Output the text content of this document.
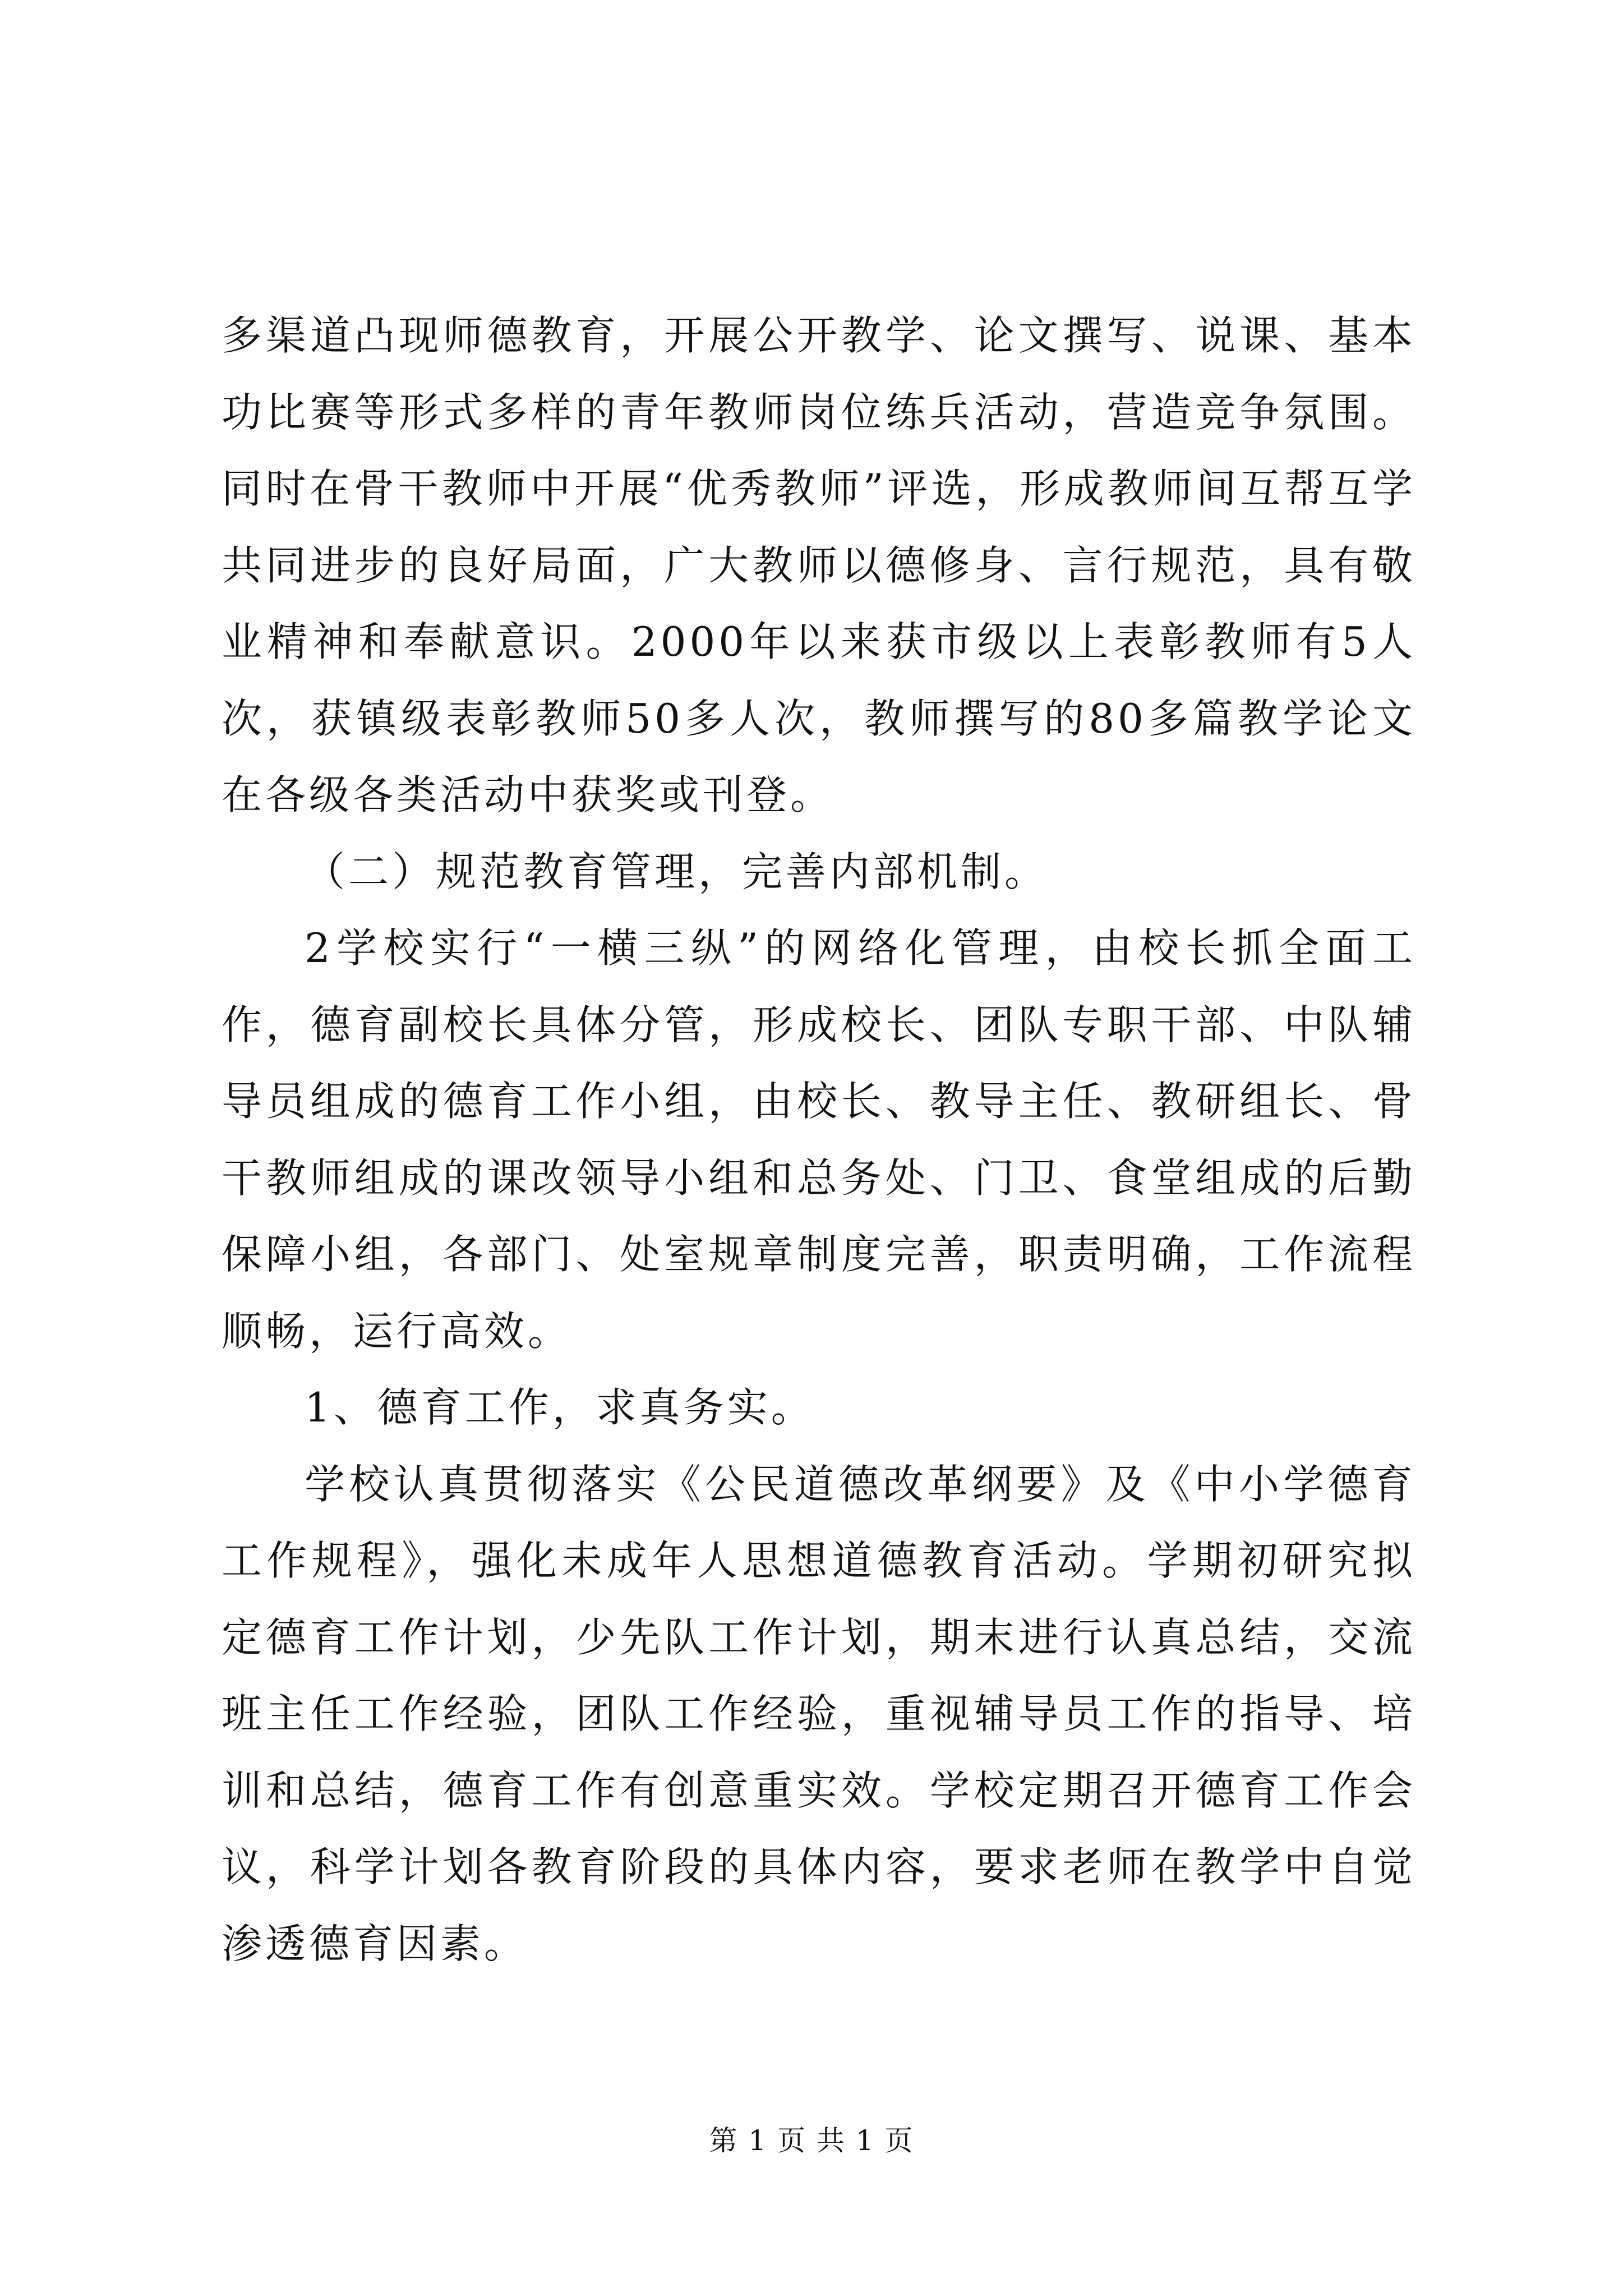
多渠道凸现师德教育，开展公开教学、论文撰写、说课、基本功比赛等形式多样的青年教师岗位练兵活动，营造竞争氛围。同时在骨干教师中开展“优秀教师”评选，形成教师间互帮互学共同进步的良好局面，广大教师以德修身、言行规范，具有敬业精神和奉献意识。2000年以来获市级以上表彰教师有5人次，获镇级表彰教师50多人次，教师撰写的80多篇教学论文在各级各类活动中获奖或刊登。

（二）规范教育管理，完善内部机制。

2学校实行“一横三纵”的网络化管理，由校长抓全面工作，德育副校长具体分管，形成校长、团队专职干部、中队辅导员组成的德育工作小组，由校长、教导主任、教研组长、骨干教师组成的课改领导小组和总务处、门卫、食堂组成的后勤保障小组，各部门、处室规章制度完善，职责明确，工作流程顺畅，运行高效。

1、德育工作，求真务实。

学校认真贯彻落实《公民道德改革纲要》及《中小学德育工作规程》，强化未成年人思想道德教育活动。学期初研究拟定德育工作计划，少先队工作计划，期末进行认真总结，交流班主任工作经验，团队工作经验，重视辅导员工作的指导、培训和总结，德育工作有创意重实效。学校定期召开德育工作会议，科学计划各教育阶段的具体内容，要求老师在教学中自觉渗透德育因素。

第 1 页 共 1 页
